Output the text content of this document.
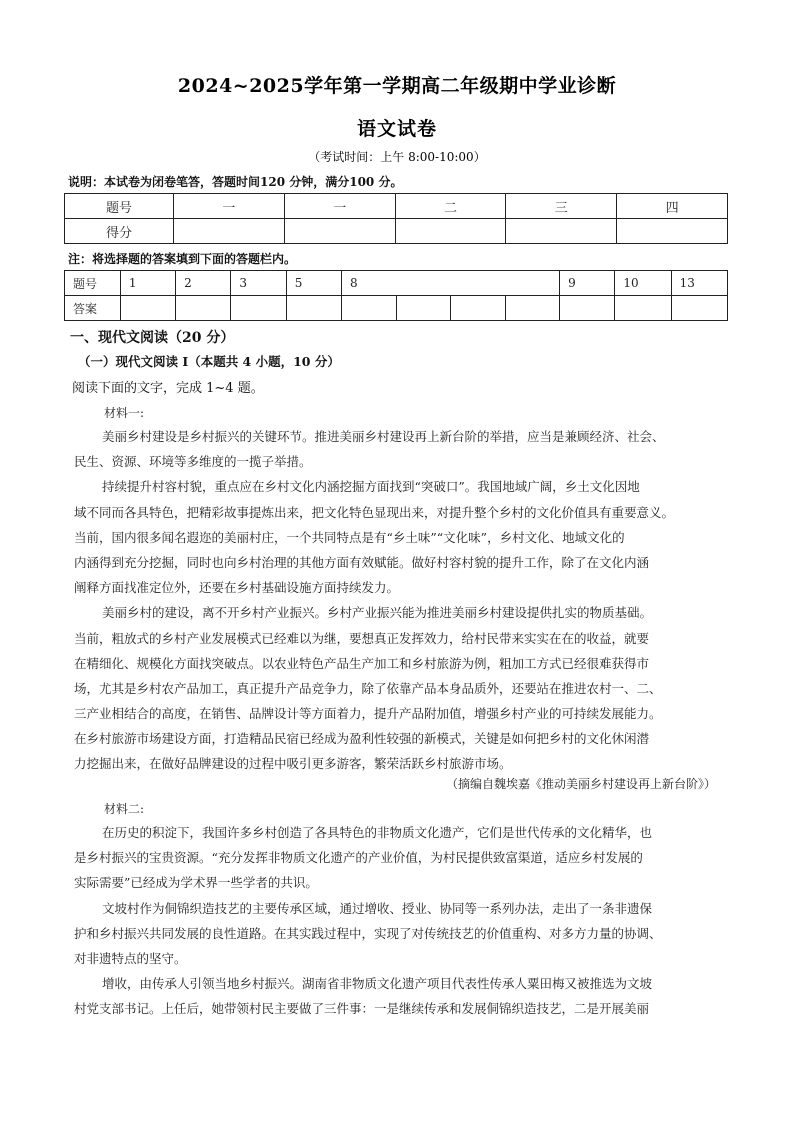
2024~2025学年第一学期高二年级期中学业诊断
语文试卷
（考试时间：上午 8:00-10:00）
说明：本试卷为闭卷笔答，答题时间120 分钟，满分100 分。
题号	一	一	二	三	四
得分					
注：将选择题的答案填到下面的答题栏内。
题号	1	2	3	5	8				9	10	13
答案											
一、现代文阅读（20 分）
（一）现代文阅读 I（本题共 4 小题，10 分）
阅读下面的文字，完成 1~4 题。
材料一:
美丽乡村建设是乡村振兴的关键环节。推进美丽乡村建设再上新台阶的举措，应当是兼顾经济、社会、
民生、资源、环境等多维度的一揽子举措。
持续提升村容村貌，重点应在乡村文化内涵挖掘方面找到“突破口”。我国地域广阔，乡土文化因地
域不同而各具特色，把精彩故事提炼出来，把文化特色显现出来，对提升整个乡村的文化价值具有重要意义。
当前，国内很多闻名遐迩的美丽村庄，一个共同特点是有“乡土味”“文化味”，乡村文化、地域文化的
内涵得到充分挖掘，同时也向乡村治理的其他方面有效赋能。做好村容村貌的提升工作，除了在文化内涵
阐释方面找准定位外，还要在乡村基础设施方面持续发力。
美丽乡村的建设，离不开乡村产业振兴。乡村产业振兴能为推进美丽乡村建设提供扎实的物质基础。
当前，粗放式的乡村产业发展模式已经难以为继，要想真正发挥效力，给村民带来实实在在的收益，就要
在精细化、规模化方面找突破点。以农业特色产品生产加工和乡村旅游为例，粗加工方式已经很难获得市
场，尤其是乡村农产品加工，真正提升产品竞争力，除了依靠产品本身品质外，还要站在推进农村一、二、
三产业相结合的高度，在销售、品牌设计等方面着力，提升产品附加值，增强乡村产业的可持续发展能力。
在乡村旅游市场建设方面，打造精品民宿已经成为盈利性较强的新模式，关键是如何把乡村的文化休闲潜
力挖掘出来，在做好品牌建设的过程中吸引更多游客，繁荣活跃乡村旅游市场。
（摘编自魏埃嘉《推动美丽乡村建设再上新台阶》）
材料二:
在历史的积淀下，我国许多乡村创造了各具特色的非物质文化遗产，它们是世代传承的文化精华，也
是乡村振兴的宝贵资源。“充分发挥非物质文化遗产的产业价值，为村民提供致富渠道，适应乡村发展的
实际需要”已经成为学术界一些学者的共识。
文坡村作为侗锦织造技艺的主要传承区域，通过增收、授业、协同等一系列办法，走出了一条非遗保
护和乡村振兴共同发展的良性道路。在其实践过程中，实现了对传统技艺的价值重构、对多方力量的协调、
对非遗特点的坚守。
增收，由传承人引领当地乡村振兴。湖南省非物质文化遗产项目代表性传承人粟田梅又被推选为文坡
村党支部书记。上任后，她带领村民主要做了三件事：一是继续传承和发展侗锦织造技艺，二是开展美丽
